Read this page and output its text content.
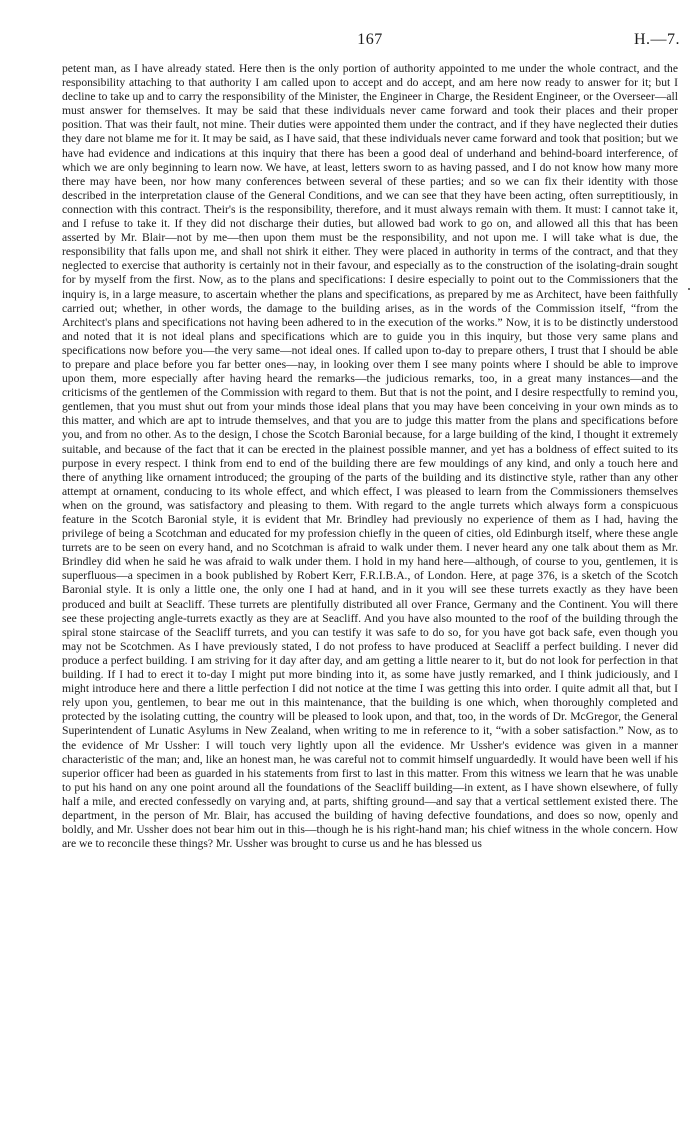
167	H.—7.

petent man, as I have already stated. Here then is the only portion of authority appointed to me under the whole contract, and the responsibility attaching to that authority I am called upon to accept and do accept, and am here now ready to answer for it; but I decline to take up and to carry the responsibility of the Minister, the Engineer in Charge, the Resident Engineer, or the Overseer—all must answer for themselves. It may be said that these individuals never came forward and took their places and their proper position. That was their fault, not mine. Their duties were appointed them under the contract, and if they have neglected their duties they dare not blame me for it. It may be said, as I have said, that these individuals never came forward and took that position; but we have had evidence and indications at this inquiry that there has been a good deal of underhand and behind-board interference, of which we are only beginning to learn now. We have, at least, letters sworn to as having passed, and I do not know how many more there may have been, nor how many conferences between several of these parties; and so we can fix their identity with those described in the interpretation clause of the General Conditions, and we can see that they have been acting, often surreptitiously, in connection with this contract. Their's is the responsibility, therefore, and it must always remain with them. It must: I cannot take it, and I refuse to take it. If they did not discharge their duties, but allowed bad work to go on, and allowed all this that has been asserted by Mr. Blair—not by me—then upon them must be the responsibility, and not upon me. I will take what is due, the responsibility that falls upon me, and shall not shirk it either. They were placed in authority in terms of the contract, and that they neglected to exercise that authority is certainly not in their favour, and especially as to the construction of the isolating-drain sought for by myself from the first. Now, as to the plans and specifications: I desire especially to point out to the Commissioners that the inquiry is, in a large measure, to ascertain whether the plans and specifications, as prepared by me as Architect, have been faithfully carried out; whether, in other words, the damage to the building arises, as in the words of the Commission itself, “from the Architect's plans and specifications not having been adhered to in the execution of the works.” Now, it is to be distinctly understood and noted that it is not ideal plans and specifications which are to guide you in this inquiry, but those very same plans and specifications now before you—the very same—not ideal ones. If called upon to-day to prepare others, I trust that I should be able to prepare and place before you far better ones—nay, in looking over them I see many points where I should be able to improve upon them, more especially after having heard the remarks—the judicious remarks, too, in a great many instances—and the criticisms of the gentlemen of the Commission with regard to them. But that is not the point, and I desire respectfully to remind you, gentlemen, that you must shut out from your minds those ideal plans that you may have been conceiving in your own minds as to this matter, and which are apt to intrude themselves, and that you are to judge this matter from the plans and specifications before you, and from no other. As to the design, I chose the Scotch Baronial because, for a large building of the kind, I thought it extremely suitable, and because of the fact that it can be erected in the plainest possible manner, and yet has a boldness of effect suited to its purpose in every respect. I think from end to end of the building there are few mouldings of any kind, and only a touch here and there of anything like ornament introduced; the grouping of the parts of the building and its distinctive style, rather than any other attempt at ornament, conducing to its whole effect, and which effect, I was pleased to learn from the Commissioners themselves when on the ground, was satisfactory and pleasing to them. With regard to the angle turrets which always form a conspicuous feature in the Scotch Baronial style, it is evident that Mr. Brindley had previously no experience of them as I had, having the privilege of being a Scotchman and educated for my profession chiefly in the queen of cities, old Edinburgh itself, where these angle turrets are to be seen on every hand, and no Scotchman is afraid to walk under them. I never heard any one talk about them as Mr. Brindley did when he said he was afraid to walk under them. I hold in my hand here—although, of course to you, gentlemen, it is superfluous—a specimen in a book published by Robert Kerr, F.R.I.B.A., of London. Here, at page 376, is a sketch of the Scotch Baronial style. It is only a little one, the only one I had at hand, and in it you will see these turrets exactly as they have been produced and built at Seacliff. These turrets are plentifully distributed all over France, Germany and the Continent. You will there see these projecting angle-turrets exactly as they are at Seacliff. And you have also mounted to the roof of the building through the spiral stone staircase of the Seacliff turrets, and you can testify it was safe to do so, for you have got back safe, even though you may not be Scotchmen. As I have previously stated, I do not profess to have produced at Seacliff a perfect building. I never did produce a perfect building. I am striving for it day after day, and am getting a little nearer to it, but do not look for perfection in that building. If I had to erect it to-day I might put more binding into it, as some have justly remarked, and I think judiciously, and I might introduce here and there a little perfection I did not notice at the time I was getting this into order. I quite admit all that, but I rely upon you, gentlemen, to bear me out in this maintenance, that the building is one which, when thoroughly completed and protected by the isolating cutting, the country will be pleased to look upon, and that, too, in the words of Dr. McGregor, the General Superintendent of Lunatic Asylums in New Zealand, when writing to me in reference to it, “with a sober satisfaction.” Now, as to the evidence of Mr Ussher: I will touch very lightly upon all the evidence. Mr Ussher's evidence was given in a manner characteristic of the man; and, like an honest man, he was careful not to commit himself unguardedly. It would have been well if his superior officer had been as guarded in his statements from first to last in this matter. From this witness we learn that he was unable to put his hand on any one point around all the foundations of the Seacliff building—in extent, as I have shown elsewhere, of fully half a mile, and erected confessedly on varying and, at parts, shifting ground—and say that a vertical settlement existed there. The department, in the person of Mr. Blair, has accused the building of having defective foundations, and does so now, openly and boldly, and Mr. Ussher does not bear him out in this—though he is his right-hand man; his chief witness in the whole concern. How are we to reconcile these things? Mr. Ussher was brought to curse us and he has blessed us
